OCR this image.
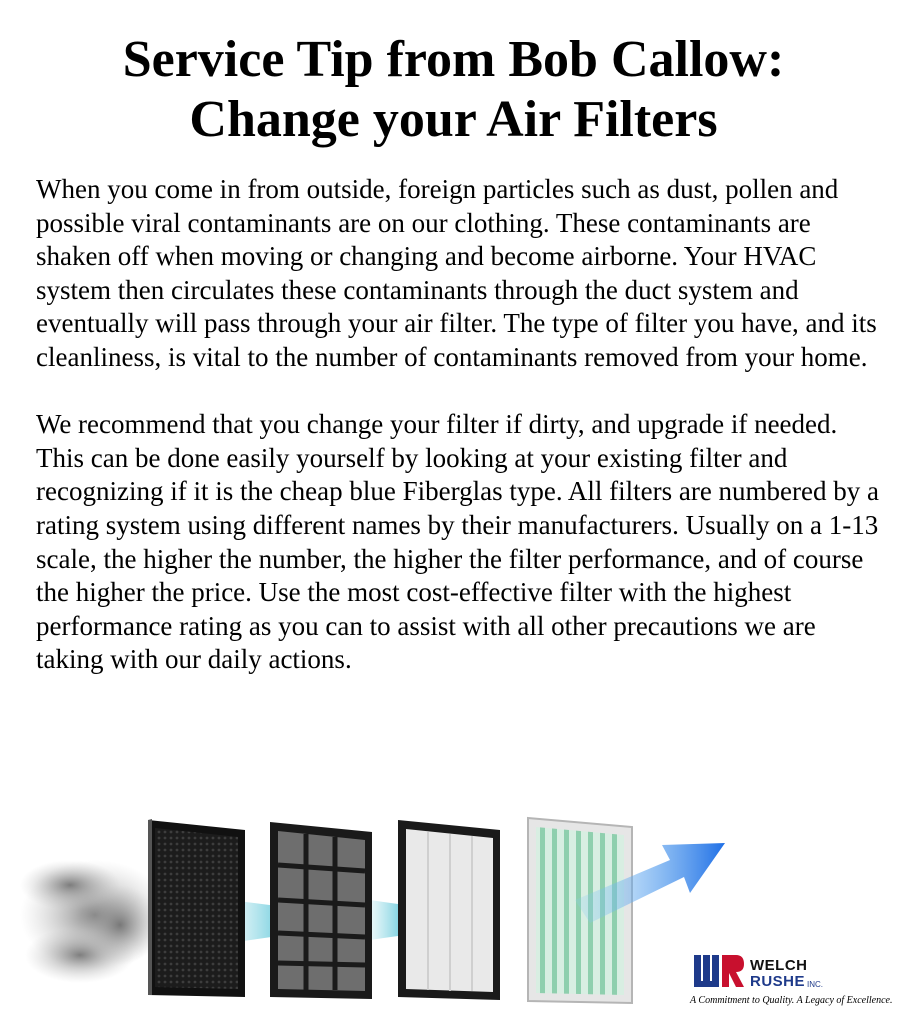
Service Tip from Bob Callow:
Change your Air Filters

When you come in from outside, foreign particles such as dust, pollen and possible viral contaminants are on our clothing. These contaminants are shaken off when moving or changing and become airborne. Your HVAC system then circulates these contaminants through the duct system and eventually will pass through your air filter. The type of filter you have, and its cleanliness, is vital to the number of contaminants removed from your home.

We recommend that you change your filter if dirty, and upgrade if needed. This can be done easily yourself by looking at your existing filter and recognizing if it is the cheap blue Fiberglas type. All filters are numbered by a rating system using different names by their manufacturers. Usually on a 1-13 scale, the higher the number, the higher the filter performance, and of course the higher the price. Use the most cost-effective filter with the highest performance rating as you can to assist with all other precautions we are taking with our daily actions.

WELCH
RUSHE INC.
A Commitment to Quality. A Legacy of Excellence.
